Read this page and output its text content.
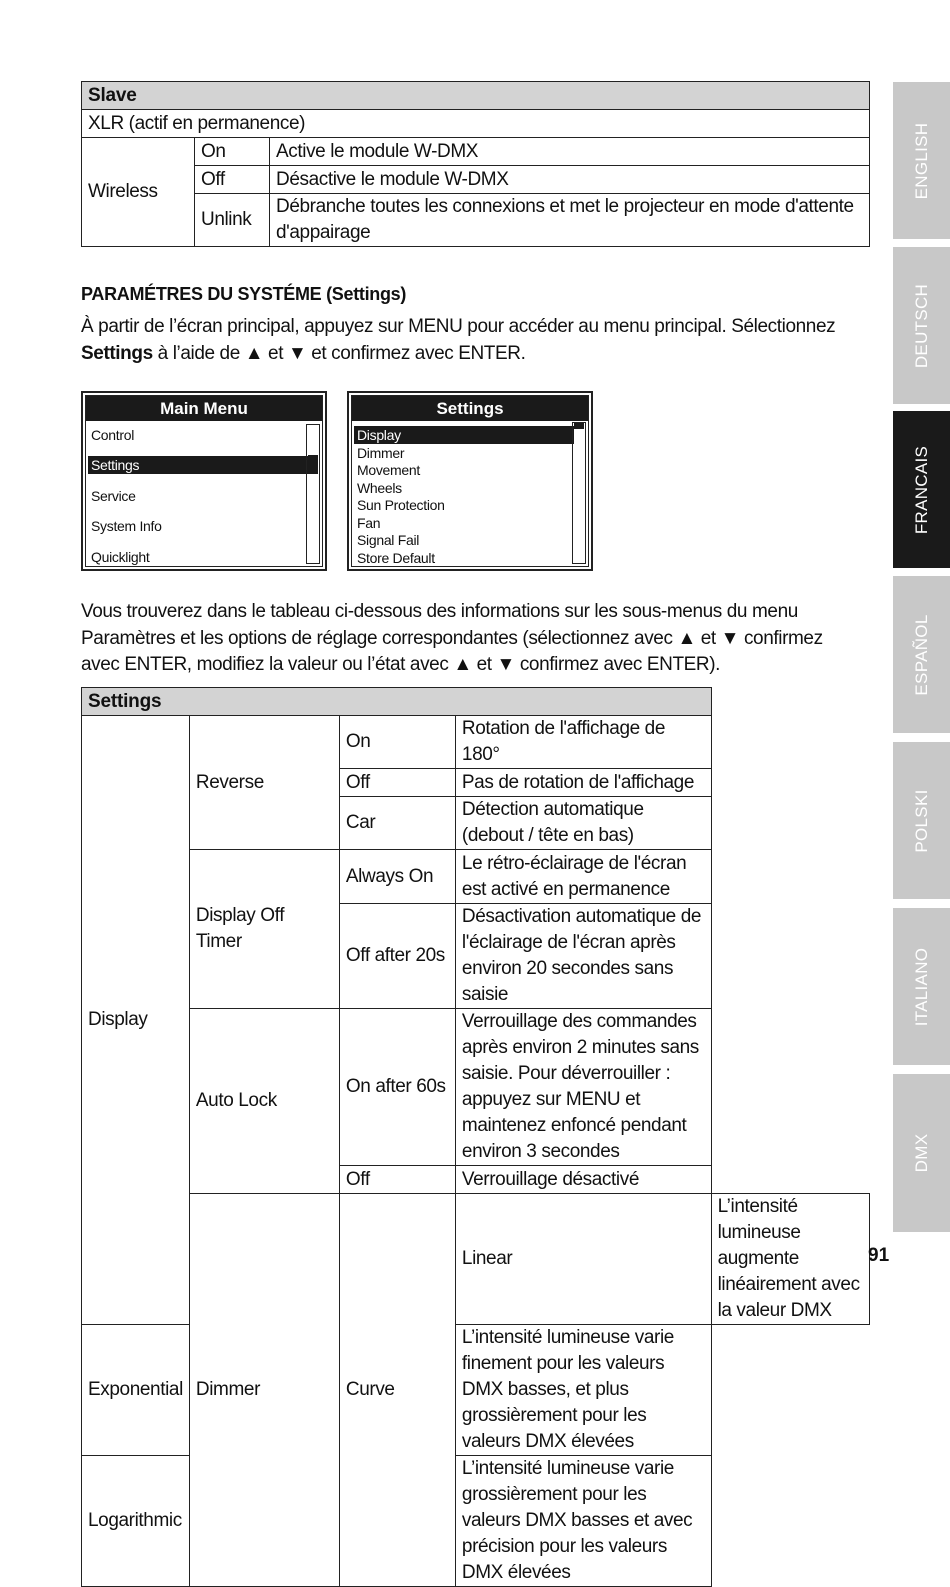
Slave		
XLR (actif en permanence)		
Wireless	On	Active le module W-DMX
	Off	Désactive le module W-DMX
	Unlink	Débranche toutes les connexions et met le projecteur en mode d'attente d'appairage
PARAMÉTRES DU SYSTÉME (Settings)
À partir de l’écran principal, appuyez sur MENU pour accéder au menu principal. Sélectionnez Settings à l’aide de ▲ et ▼ et confirmez avec ENTER.
Main Menu
Control
Settings
Service
System Info
Quicklight
Settings
Display
Dimmer
Movement
Wheels
Sun Protection
Fan
Signal Fail
Store Default
Vous trouverez dans le tableau ci-dessous des informations sur les sous-menus du menu Paramètres et les options de réglage correspondantes (sélectionnez avec ▲ et ▼ confirmez avec ENTER, modifiez la valeur ou l’état avec ▲ et ▼ confirmez avec ENTER).
Settings				
Display	Reverse	On	Rotation de l'affichage de 180°	
		Off	Pas de rotation de l'affichage	
		Car	Détection automatique (debout / tête en bas)	
	Display Off Timer	Always On	Le rétro-éclairage de l'écran est activé en permanence	
		Off after 20s	Désactivation automatique de l'éclairage de l'écran après environ 20 secondes sans saisie	
	Auto Lock	On after 60s	Verrouillage des commandes après environ 2 minutes sans saisie. Pour déverrouiller : appuyez sur MENU et maintenez enfoncé pendant environ 3 secondes	
		Off	Verrouillage désactivé	
	Dimmer	Curve	Linear	L’intensité lumineuse augmente linéairement avec la valeur DMX
Exponential			L’intensité lumineuse varie finement pour les valeurs DMX basses, et plus grossièrement pour les valeurs DMX élevées	
Logarithmic			L’intensité lumineuse varie grossièrement pour les valeurs DMX basses et avec précision pour les valeurs DMX élevées	
ENGLISH
DEUTSCH
FRANCAIS
ESPAÑOL
POLSKI
ITALIANO
DMX
91
